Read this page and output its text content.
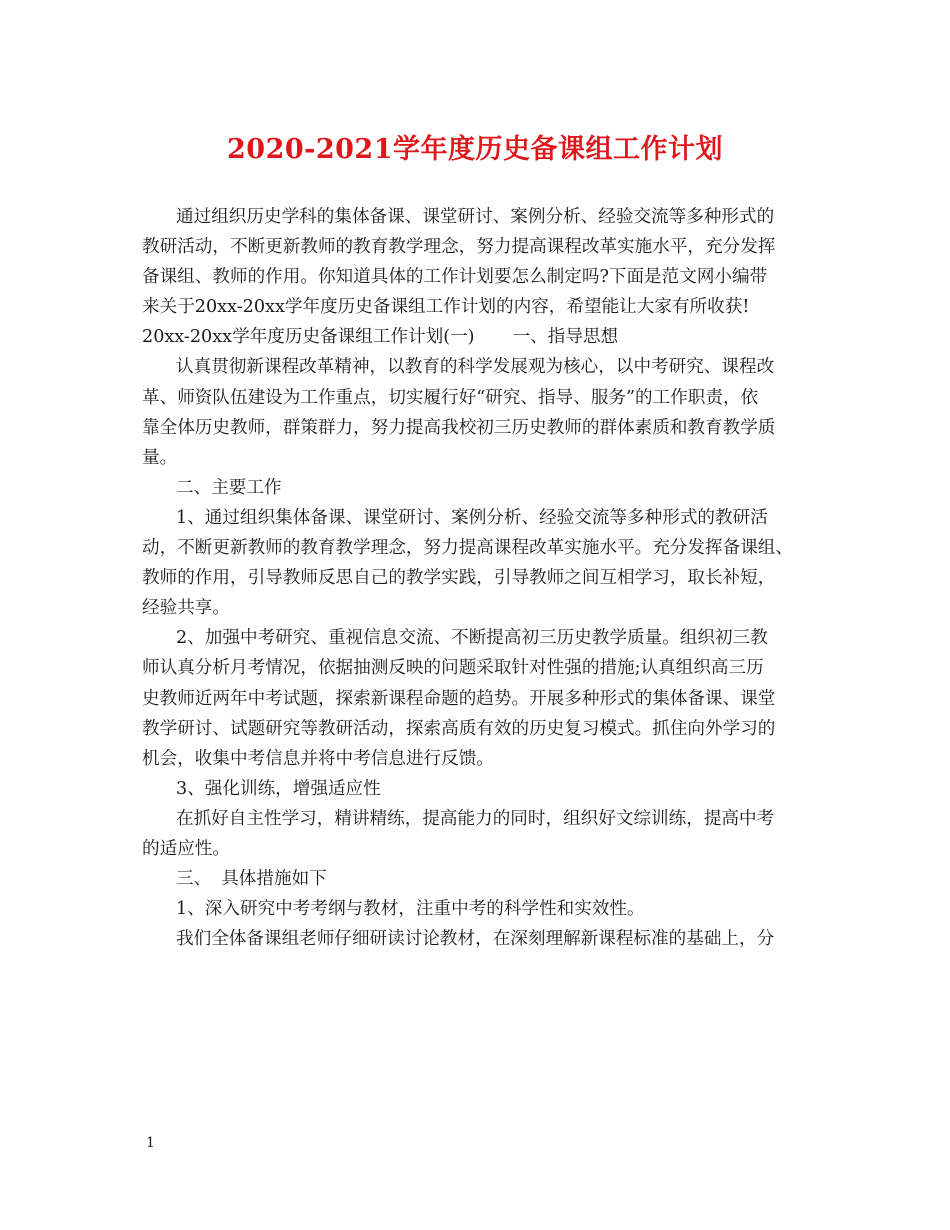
2020-2021学年度历史备课组工作计划
通过组织历史学科的集体备课、课堂研讨、案例分析、经验交流等多种形式的
教研活动，不断更新教师的教育教学理念，努力提高课程改革实施水平，充分发挥
备课组、教师的作用。你知道具体的工作计划要怎么制定吗?下面是范文网小编带
来关于20xx-20xx学年度历史备课组工作计划的内容，希望能让大家有所收获!
20xx-20xx学年度历史备课组工作计划(一) 一、指导思想
认真贯彻新课程改革精神，以教育的科学发展观为核心，以中考研究、课程改
革、师资队伍建设为工作重点，切实履行好“研究、指导、服务”的工作职责，依
靠全体历史教师，群策群力，努力提高我校初三历史教师的群体素质和教育教学质
量。
二、主要工作
1、通过组织集体备课、课堂研讨、案例分析、经验交流等多种形式的教研活
动，不断更新教师的教育教学理念，努力提高课程改革实施水平。充分发挥备课组、
教师的作用，引导教师反思自己的教学实践，引导教师之间互相学习，取长补短，
经验共享。
2、加强中考研究、重视信息交流、不断提高初三历史教学质量。组织初三教
师认真分析月考情况，依据抽测反映的问题采取针对性强的措施;认真组织高三历
史教师近两年中考试题，探索新课程命题的趋势。开展多种形式的集体备课、课堂
教学研讨、试题研究等教研活动，探索高质有效的历史复习模式。抓住向外学习的
机会，收集中考信息并将中考信息进行反馈。
3、强化训练，增强适应性
在抓好自主性学习，精讲精练，提高能力的同时，组织好文综训练，提高中考
的适应性。
三、 具体措施如下
1、深入研究中考考纲与教材，注重中考的科学性和实效性。
我们全体备课组老师仔细研读讨论教材，在深刻理解新课程标准的基础上，分
1
